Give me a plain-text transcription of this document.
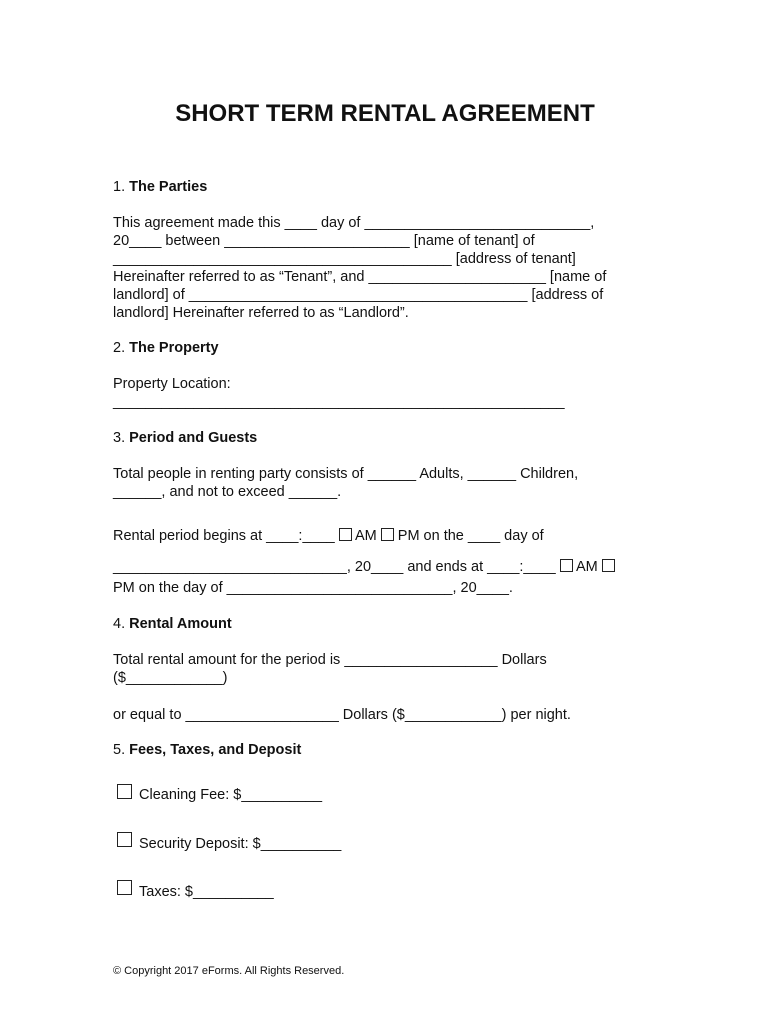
SHORT TERM RENTAL AGREEMENT
1. The Parties
This agreement made this ____ day of ____________________________,
20____ between _______________________ [name of tenant] of
__________________________________________ [address of tenant]
Hereinafter referred to as “Tenant”, and ______________________ [name of
landlord] of __________________________________________ [address of
landlord] Hereinafter referred to as “Landlord”.
2. The Property
Property Location:
________________________________________________________
3. Period and Guests
Total people in renting party consists of ______ Adults, ______ Children,
______, and not to exceed ______.
Rental period begins at ____:____  AM  PM on the ____ day of
_____________________________, 20____ and ends at ____:____  AM
PM on the day of ____________________________, 20____.
4. Rental Amount
Total rental amount for the period is ___________________ Dollars
($____________)
or equal to ___________________ Dollars ($____________) per night.
5. Fees, Taxes, and Deposit
Cleaning Fee: $__________
Security Deposit: $__________
Taxes: $__________
© Copyright 2017 eForms. All Rights Reserved.
